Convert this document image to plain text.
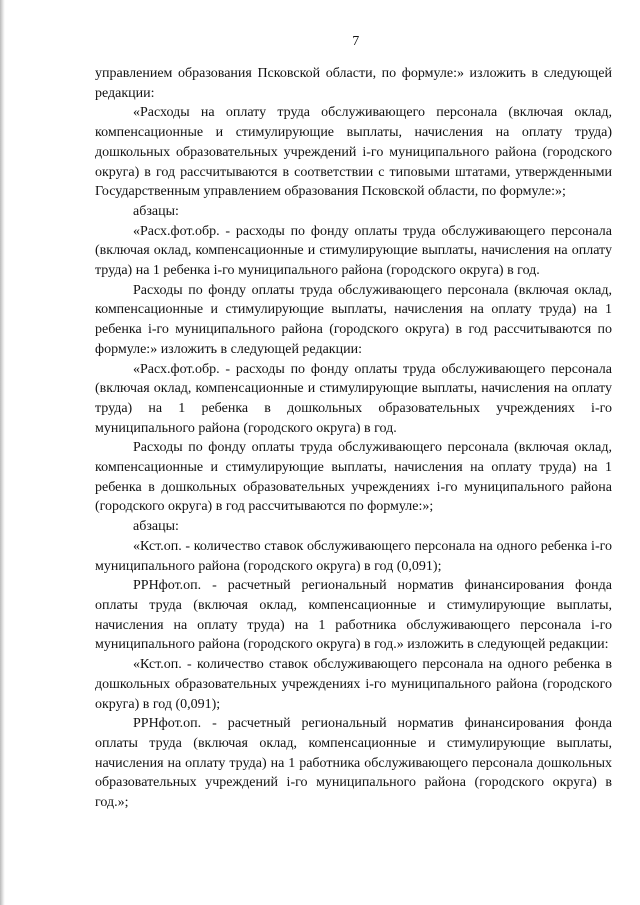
7

управлением образования Псковской области, по формуле:» изложить в следующей редакции:

«Расходы на оплату труда обслуживающего персонала (включая оклад, компенсационные и стимулирующие выплаты, начисления на оплату труда) дошкольных образовательных учреждений i-го муниципального района (городского округа) в год рассчитываются в соответствии с типовыми штатами, утвержденными Государственным управлением образования Псковской области, по формуле:»;

абзацы:

«Расх.фот.обр. - расходы по фонду оплаты труда обслуживающего персонала (включая оклад, компенсационные и стимулирующие выплаты, начисления на оплату труда) на 1 ребенка i-го муниципального района (городского округа) в год.

Расходы по фонду оплаты труда обслуживающего персонала (включая оклад, компенсационные и стимулирующие выплаты, начисления на оплату труда) на 1 ребенка i-го муниципального района (городского округа) в год рассчитываются по формуле:» изложить в следующей редакции:

«Расх.фот.обр. - расходы по фонду оплаты труда обслуживающего персонала (включая оклад, компенсационные и стимулирующие выплаты, начисления на оплату труда) на 1 ребенка в дошкольных образовательных учреждениях i-го муниципального района (городского округа) в год.

Расходы по фонду оплаты труда обслуживающего персонала (включая оклад, компенсационные и стимулирующие выплаты, начисления на оплату труда) на 1 ребенка в дошкольных образовательных учреждениях i-го муниципального района (городского округа) в год рассчитываются по формуле:»;

абзацы:

«Кст.оп. - количество ставок обслуживающего персонала на одного ребенка i-го муниципального района (городского округа) в год (0,091);

РРНфот.оп. - расчетный региональный норматив финансирования фонда оплаты труда (включая оклад, компенсационные и стимулирующие выплаты, начисления на оплату труда) на 1 работника обслуживающего персонала i-го муниципального района (городского округа) в год.» изложить в следующей редакции:

«Кст.оп. - количество ставок обслуживающего персонала на одного ребенка в дошкольных образовательных учреждениях i-го муниципального района (городского округа) в год (0,091);

РРНфот.оп. - расчетный региональный норматив финансирования фонда оплаты труда (включая оклад, компенсационные и стимулирующие выплаты, начисления на оплату труда) на 1 работника обслуживающего персонала дошкольных образовательных учреждений i-го муниципального района (городского округа) в год.»;
